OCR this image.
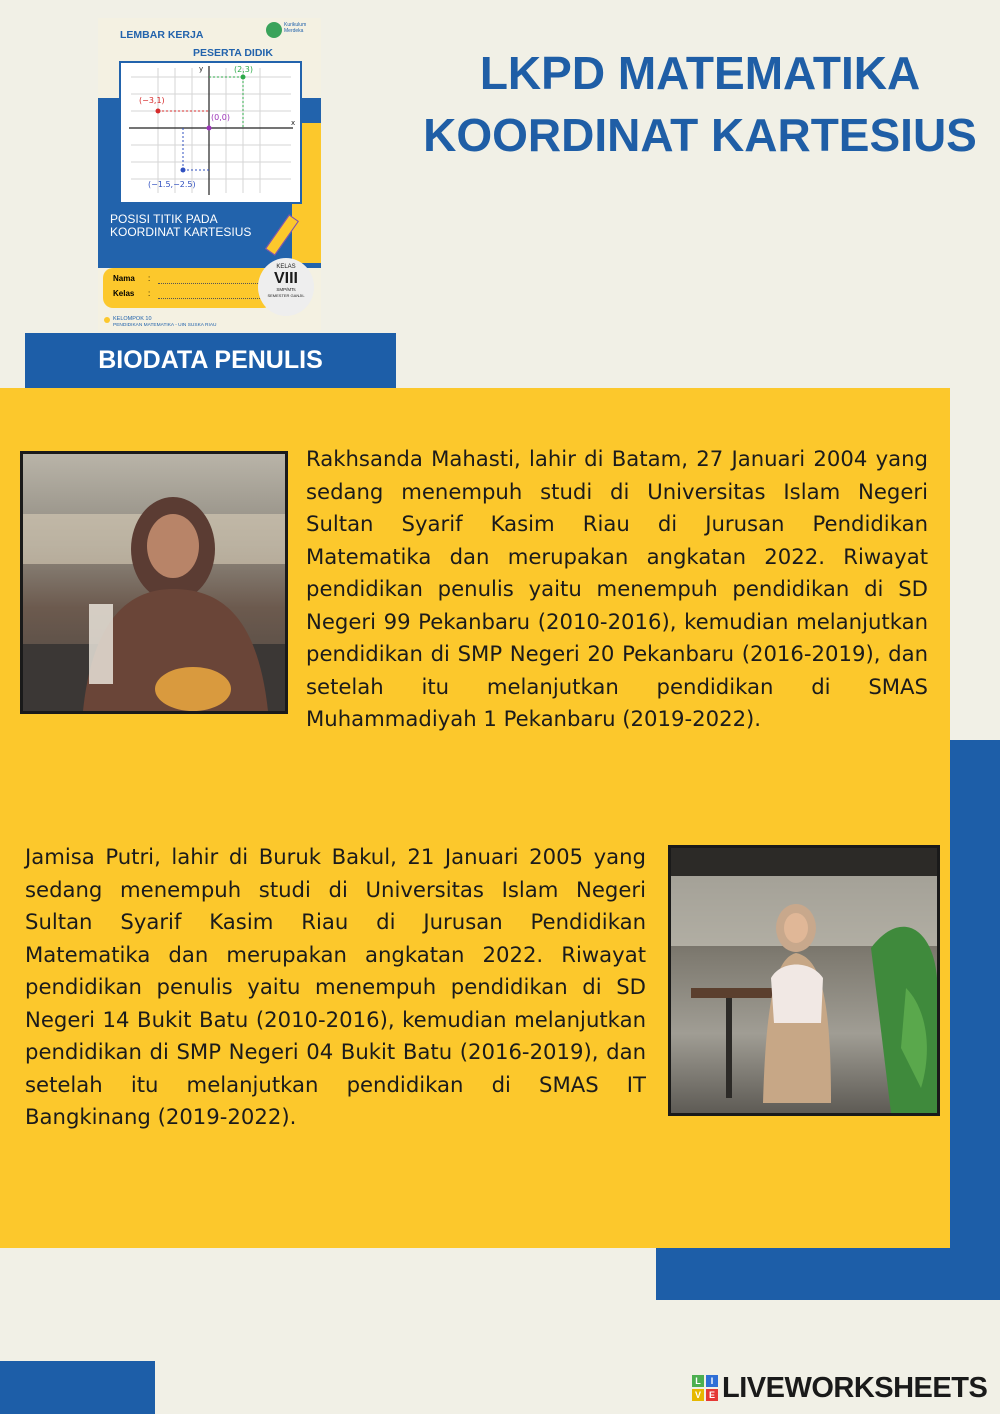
LKPD MATEMATIKA
KOORDINAT KARTESIUS
LEMBAR KERJA
PESERTA DIDIK
Kurikulum Merdeka
(2,3)
(−3,1)
(0,0)
(−1.5,−2.5)
y
x
POSISI TITIK PADA
KOORDINAT KARTESIUS
Nama :
Kelas :
KELAS
VIII
SMP/MTs
SEMESTER GANJIL
KELOMPOK 10
PENDIDIKAN MATEMATIKA - UIN SUSKA RIAU
BIODATA PENULIS
Rakhsanda Mahasti, lahir di Batam, 27 Januari 2004 yang sedang menempuh studi di Universitas Islam Negeri Sultan Syarif Kasim Riau di Jurusan Pendidikan Matematika dan merupakan angkatan 2022. Riwayat pendidikan penulis yaitu menempuh pendidikan di SD Negeri 99 Pekanbaru (2010-2016), kemudian melanjutkan pendidikan di SMP Negeri 20 Pekanbaru (2016-2019), dan setelah itu melanjutkan pendidikan di SMAS Muhammadiyah 1 Pekanbaru (2019-2022).
Jamisa Putri, lahir di Buruk Bakul, 21 Januari 2005 yang sedang menempuh studi di Universitas Islam Negeri Sultan Syarif Kasim Riau di Jurusan Pendidikan Matematika dan merupakan angkatan 2022. Riwayat pendidikan penulis yaitu menempuh pendidikan di SD Negeri 14 Bukit Batu (2010-2016), kemudian melanjutkan pendidikan di SMP Negeri 04 Bukit Batu (2016-2019), dan setelah itu melanjutkan pendidikan di SMAS IT Bangkinang (2019-2022).
L	I
V E LIVEWORKSHEETS
